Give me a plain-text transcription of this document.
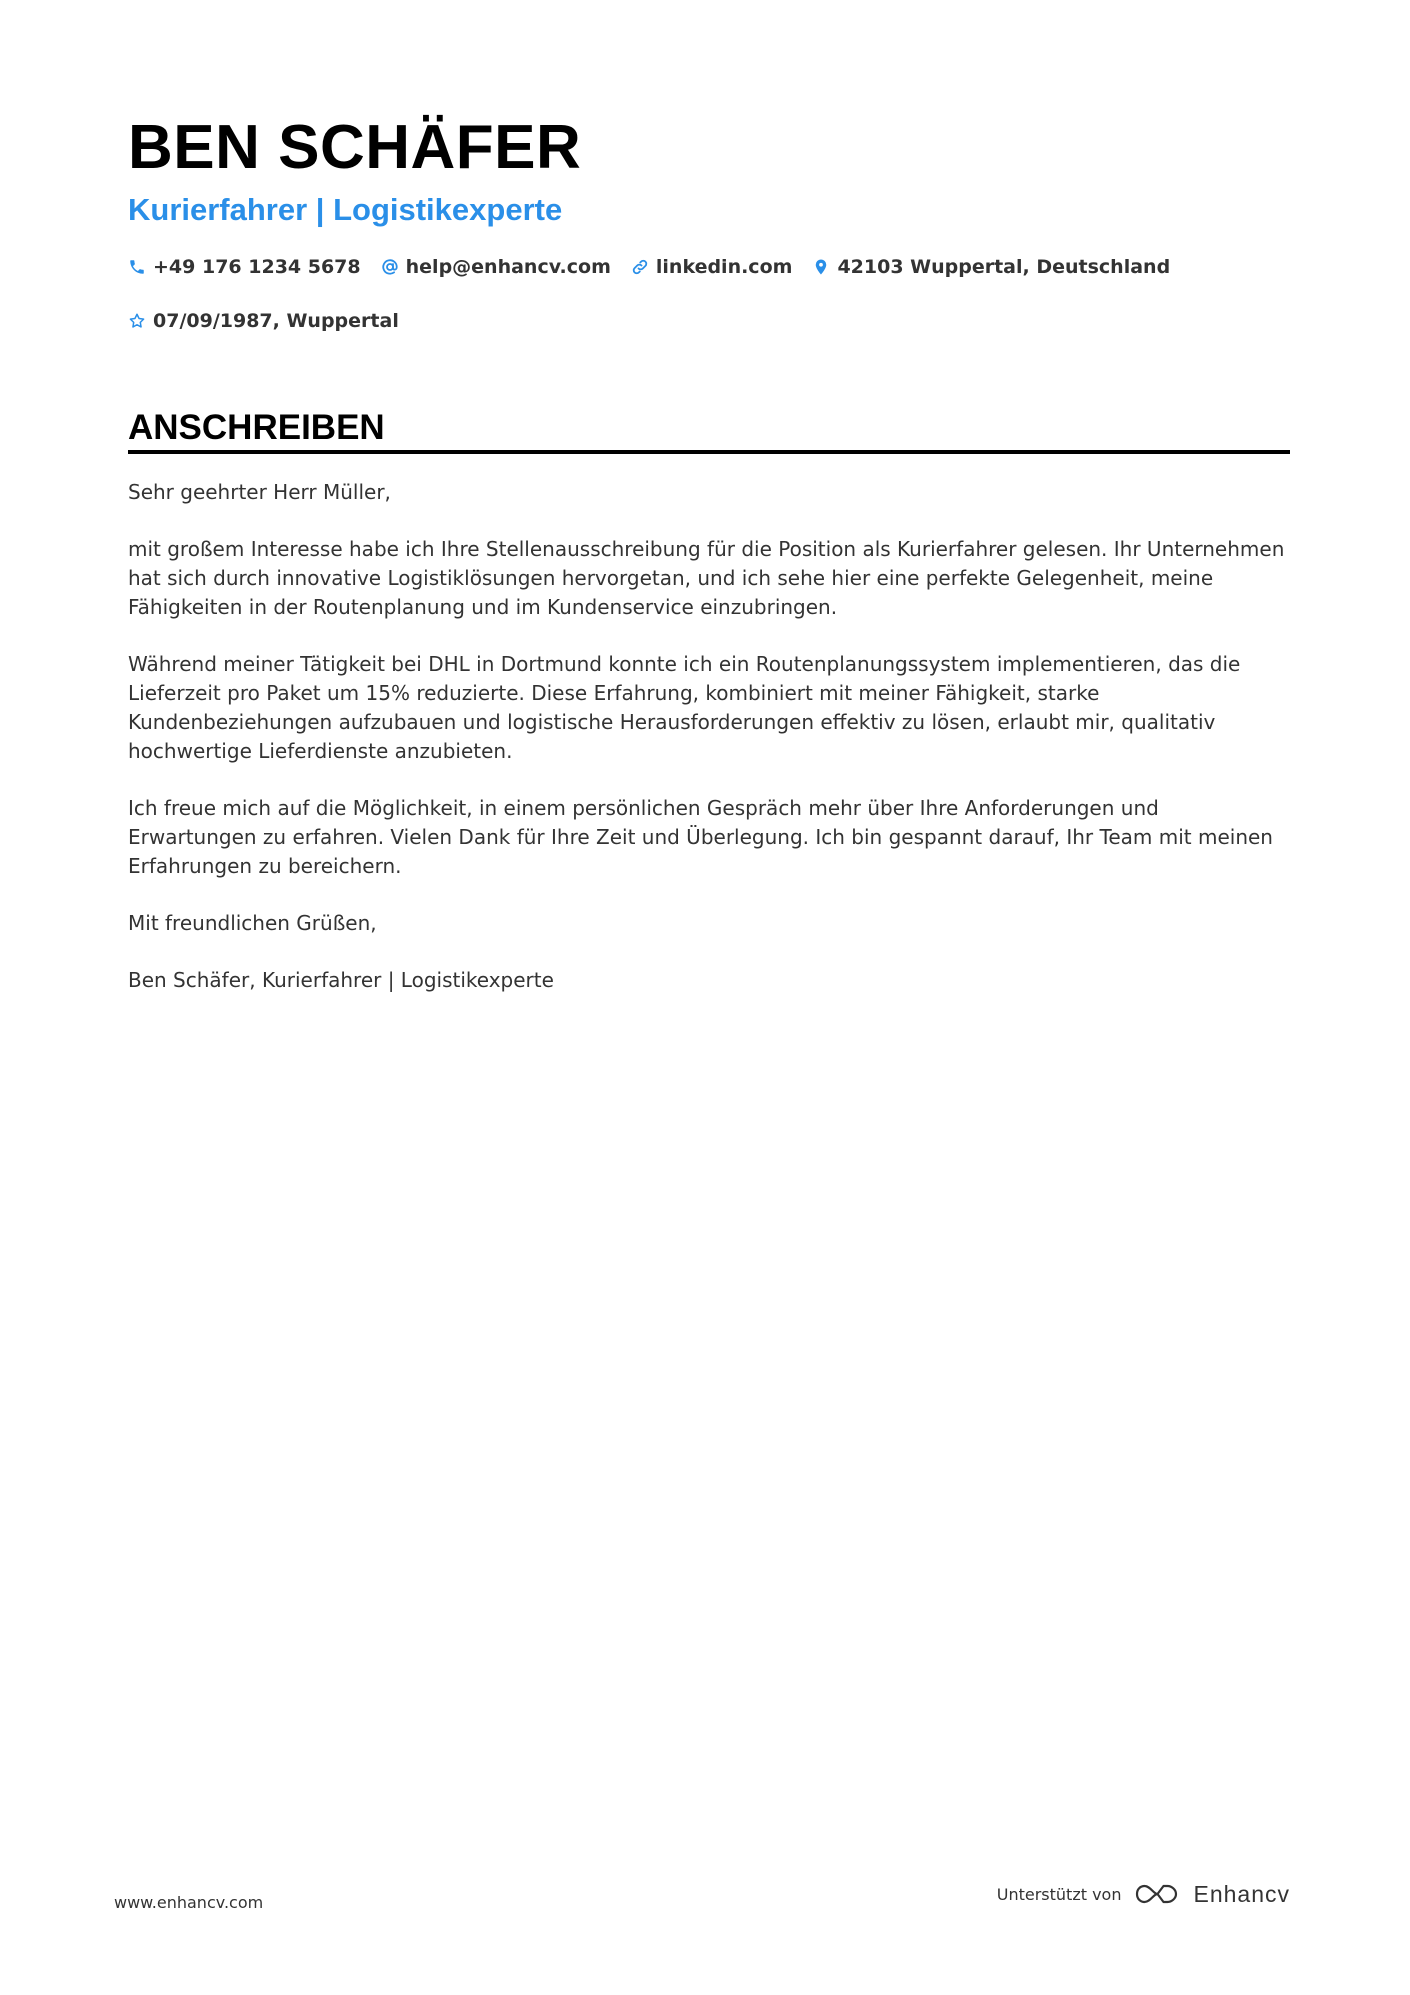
BEN SCHÄFER
Kurierfahrer | Logistikexperte
+49 176 1234 5678 help@enhancv.com linkedin.com 42103 Wuppertal, Deutschland
07/09/1987, Wuppertal
ANSCHREIBEN

Sehr geehrter Herr Müller,

mit großem Interesse habe ich Ihre Stellenausschreibung für die Position als Kurierfahrer gelesen. Ihr Unternehmen hat sich durch innovative Logistiklösungen hervorgetan, und ich sehe hier eine perfekte Gelegenheit, meine Fähigkeiten in der Routenplanung und im Kundenservice einzubringen.

Während meiner Tätigkeit bei DHL in Dortmund konnte ich ein Routenplanungssystem implementieren, das die Lieferzeit pro Paket um 15% reduzierte. Diese Erfahrung, kombiniert mit meiner Fähigkeit, starke Kundenbeziehungen aufzubauen und logistische Herausforderungen effektiv zu lösen, erlaubt mir, qualitativ hochwertige Lieferdienste anzubieten.

Ich freue mich auf die Möglichkeit, in einem persönlichen Gespräch mehr über Ihre Anforderungen und Erwartungen zu erfahren. Vielen Dank für Ihre Zeit und Überlegung. Ich bin gespannt darauf, Ihr Team mit meinen Erfahrungen zu bereichern.

Mit freundlichen Grüßen,

Ben Schäfer, Kurierfahrer | Logistikexperte

www.enhancv.com	Unterstützt von	Enhancv
